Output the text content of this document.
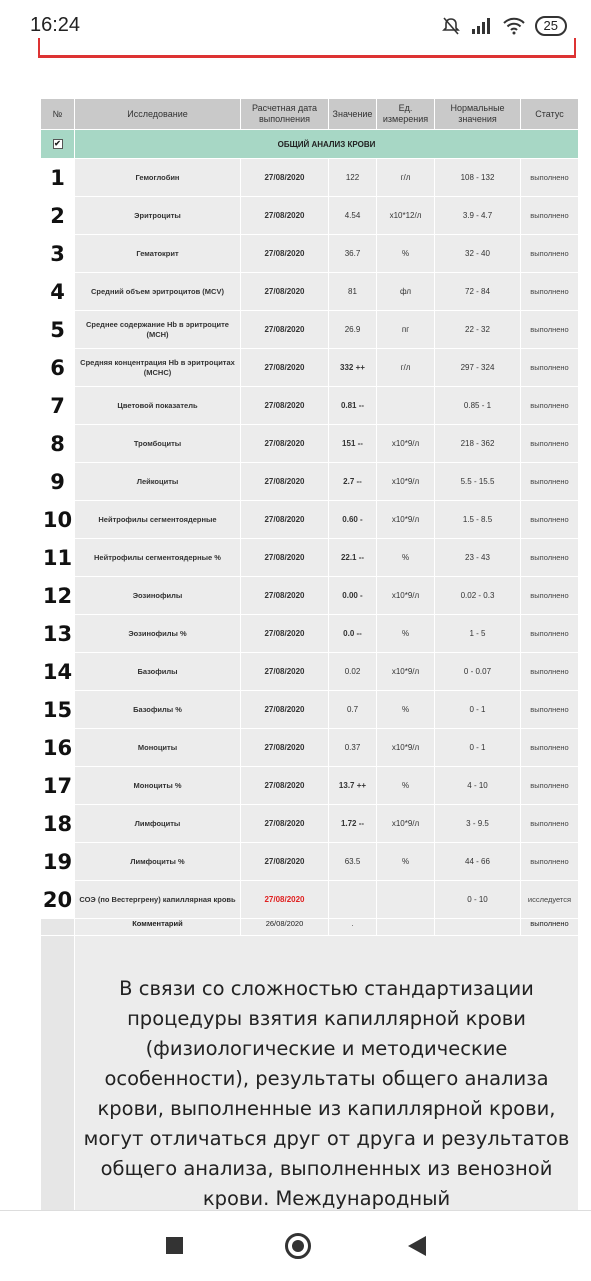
16:24	25
№	Исследование	Расчетная дата выполнения	Значение	Ед. измерения	Нормальные значения	Статус
✔	ОБЩИЙ АНАЛИЗ КРОВИ					
1	Гемоглобин	27/08/2020	122	г/л	108 - 132	выполнено
2	Эритроциты	27/08/2020	4.54	x10*12/л	3.9 - 4.7	выполнено
3	Гематокрит	27/08/2020	36.7	%	32 - 40	выполнено
4	Средний объем эритроцитов (MCV)	27/08/2020	81	фл	72 - 84	выполнено
5	Среднее содержание Hb в эритроците (MCH)	27/08/2020	26.9	пг	22 - 32	выполнено
6	Средняя концентрация Hb в эритроцитах (MCHC)	27/08/2020	332 ++	г/л	297 - 324	выполнено
7	Цветовой показатель	27/08/2020	0.81 --		0.85 - 1	выполнено
8	Тромбоциты	27/08/2020	151 --	x10*9/л	218 - 362	выполнено
9	Лейкоциты	27/08/2020	2.7 --	x10*9/л	5.5 - 15.5	выполнено
10	Нейтрофилы сегментоядерные	27/08/2020	0.60 -	x10*9/л	1.5 - 8.5	выполнено
11	Нейтрофилы сегментоядерные %	27/08/2020	22.1 --	%	23 - 43	выполнено
12	Эозинофилы	27/08/2020	0.00 -	x10*9/л	0.02 - 0.3	выполнено
13	Эозинофилы %	27/08/2020	0.0 --	%	1 - 5	выполнено
14	Базофилы	27/08/2020	0.02	x10*9/л	0 - 0.07	выполнено
15	Базофилы %	27/08/2020	0.7	%	0 - 1	выполнено
16	Моноциты	27/08/2020	0.37	x10*9/л	0 - 1	выполнено
17	Моноциты %	27/08/2020	13.7 ++	%	4 - 10	выполнено
18	Лимфоциты	27/08/2020	1.72 --	x10*9/л	3 - 9.5	выполнено
19	Лимфоциты %	27/08/2020	63.5	%	44 - 66	выполнено
20	СОЭ (по Вестергрену) капиллярная кровь	27/08/2020			0 - 10	исследуется
	Комментарий	26/08/2020	.			выполнено
	В связи со сложностью стандартизации процедуры взятия капиллярной крови (физиологические и методические особенности), результаты общего анализа крови, выполненные из капиллярной крови, могут отличаться друг от друга и результатов общего анализа, выполненных из венозной крови. Международный					
